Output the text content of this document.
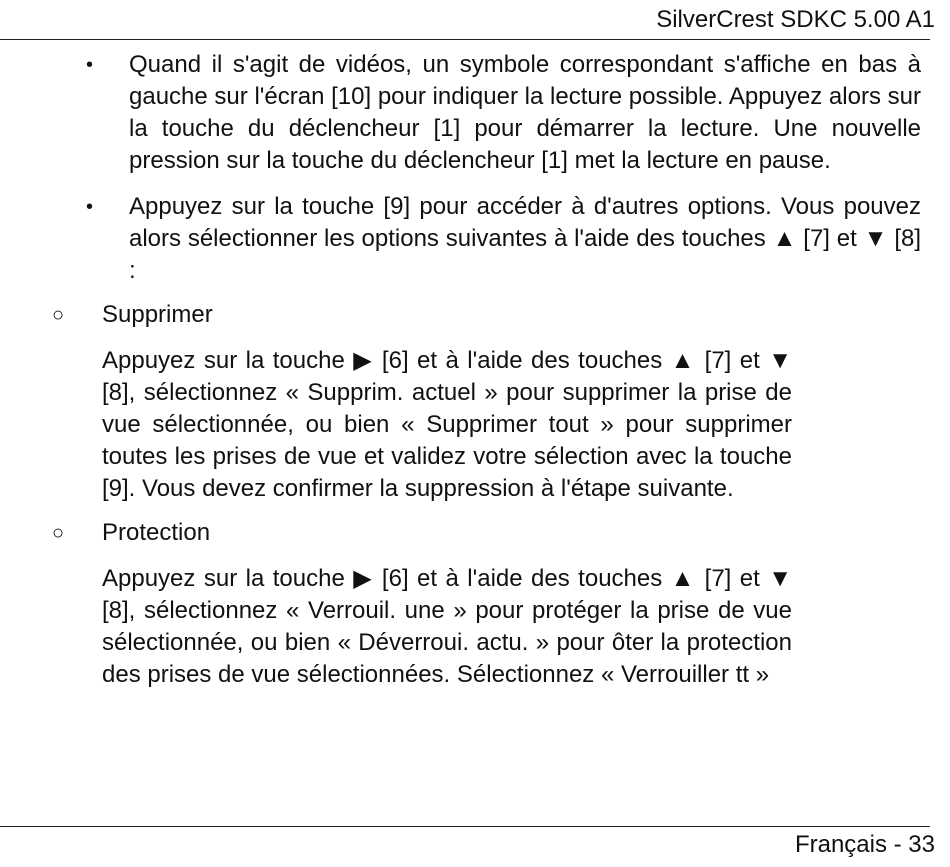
SilverCrest SDKC 5.00 A1
• Quand il s'agit de vidéos, un symbole correspondant s'affiche en bas à gauche sur l'écran [10] pour indiquer la lecture possible. Appuyez alors sur la touche du déclencheur [1] pour démarrer la lecture. Une nouvelle pression sur la touche du déclencheur [1] met la lecture en pause.
• Appuyez sur la touche [9] pour accéder à d'autres options. Vous pouvez alors sélectionner les options suivantes à l'aide des touches ▲ [7] et ▼ [8] :
○ Supprimer
Appuyez sur la touche ▶ [6] et à l'aide des touches ▲ [7] et ▼ [8], sélectionnez « Supprim. actuel » pour supprimer la prise de vue sélectionnée, ou bien « Supprimer tout » pour supprimer toutes les prises de vue et validez votre sélection avec la touche [9]. Vous devez confirmer la suppression à l'étape suivante.
○ Protection
Appuyez sur la touche ▶ [6] et à l'aide des touches ▲ [7] et ▼ [8], sélectionnez « Verrouil. une » pour protéger la prise de vue sélectionnée, ou bien « Déverroui. actu. » pour ôter la protection des prises de vue sélectionnées. Sélectionnez « Verrouiller tt »
Français - 33
